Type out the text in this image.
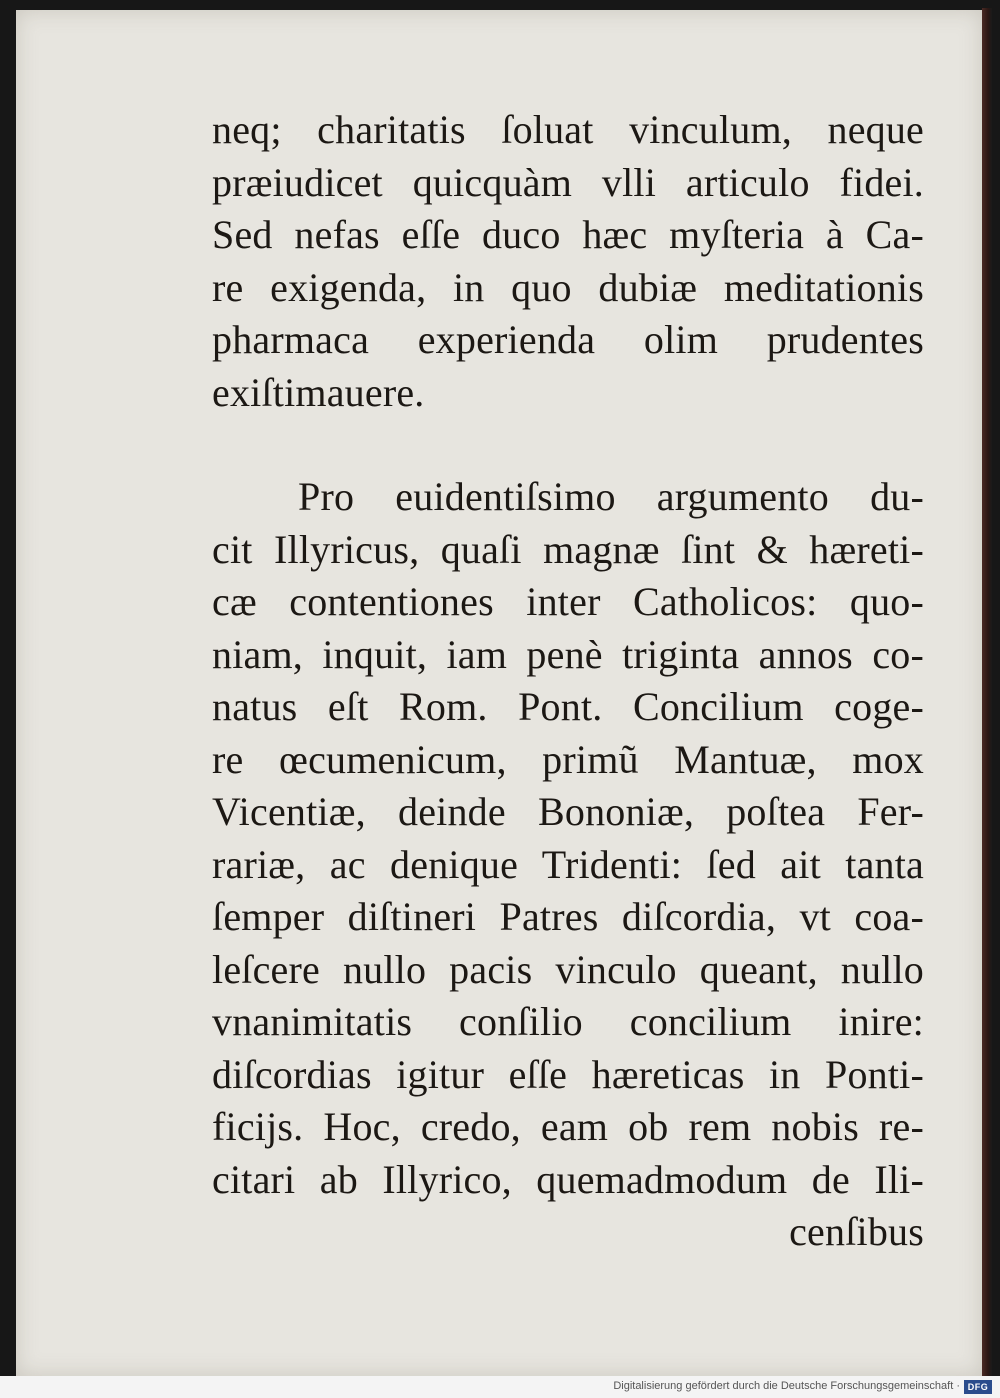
neq; charitatis ſoluat vinculum, neque
præiudicet quicquàm vlli articulo fidei.
Sed nefas eſſe duco hæc myſteria à Ca-
re exigenda, in quo dubiæ meditationis
pharmaca experienda olim prudentes
exiſtimauere.
Pro euidentiſsimo argumento du-
cit Illyricus, quaſi magnæ ſint & hæreti-
cæ contentiones inter Catholicos: quo-
niam, inquit, iam penè triginta annos co-
natus eſt Rom. Pont. Concilium coge-
re œcumenicum, primũ Mantuæ, mox
Vicentiæ, deinde Bononiæ, poſtea Fer-
rariæ, ac denique Tridenti: ſed ait tanta
ſemper diſtineri Patres diſcordia, vt coa-
leſcere nullo pacis vinculo queant, nullo
vnanimitatis conſilio concilium inire:
diſcordias igitur eſſe hæreticas in Ponti-
ficijs. Hoc, credo, eam ob rem nobis re-
citari ab Illyrico, quemadmodum de Ili-
cenſibus
Digitalisierung gefördert durch die Deutsche Forschungsgemeinschaft · DFG
